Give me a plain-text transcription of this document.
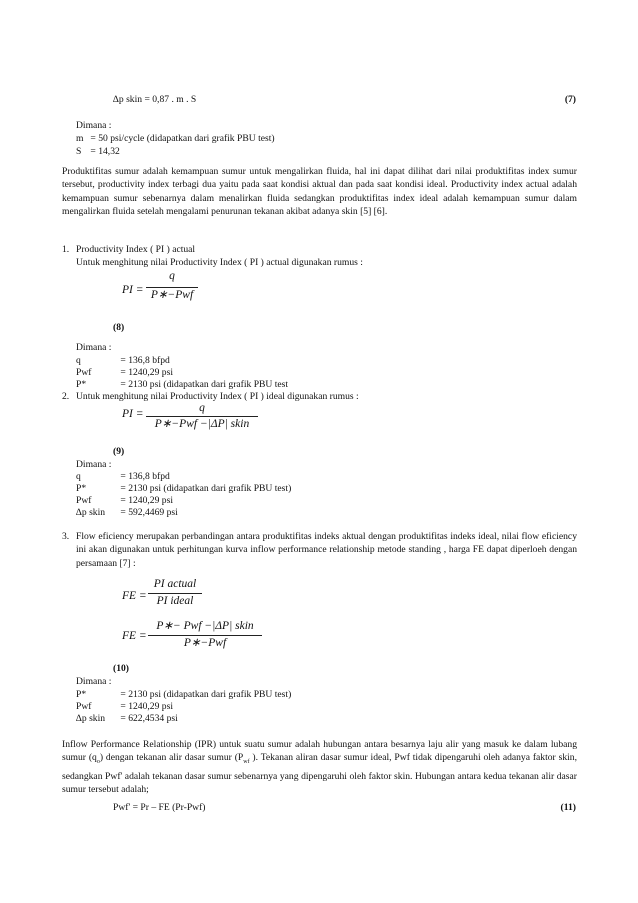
∆p skin = 0,87 . m . S	(7)
Dimana :
m = 50 psi/cycle (didapatkan dari grafik PBU test)
S = 14,32
Produktifitas sumur adalah kemampuan sumur untuk mengalirkan fluida, hal ini dapat dilihat dari nilai produktifitas index sumur tersebut, productivity index terbagi dua yaitu pada saat kondisi aktual dan pada saat kondisi ideal. Productivity index actual adalah kemampuan sumur sebenarnya dalam menalirkan fluida sedangkan produktifitas index ideal adalah kemampuan sumur dalam mengalirkan fluida setelah mengalami penurunan tekanan akibat adanya skin [5] [6].
1. Productivity Index ( PI ) actual
Untuk menghitung nilai Productivity Index ( PI ) actual digunakan rumus :
PI =
q
P∗−Pwf
(8)
Dimana :
q	= 136,8 bfpd
Pwf	= 1240,29 psi
P*	= 2130 psi (didapatkan dari grafik PBU test
2. Untuk menghitung nilai Productivity Index ( PI ) ideal digunakan rumus :
PI =	q
P∗−Pwf −|ΔP| skin
(9)
Dimana :
q	= 136,8 bfpd
P*	= 2130 psi (didapatkan dari grafik PBU test)
Pwf	= 1240,29 psi
∆p skin = 592,4469 psi
3. Flow eficiency merupakan perbandingan antara produktifitas indeks aktual dengan produktifitas indeks ideal, nilai flow eficiency ini akan digunakan untuk perhitungan kurva inflow performance relationship metode standing , harga FE dapat diperloeh dengan persamaan [7] :
FE =
PI actual
PI ideal
FE =
P∗− Pwf −|ΔP| skin
P∗−Pwf
(10)
Dimana :
P*	= 2130 psi (didapatkan dari grafik PBU test)
Pwf	= 1240,29 psi
∆p skin = 622,4534 psi
Inflow Performance Relationship (IPR) untuk suatu sumur adalah hubungan antara besarnya laju alir yang masuk ke dalam lubang sumur $(q_o)$ dengan tekanan alir dasar sumur ($P_{wf}$ ). Tekanan aliran dasar sumur ideal, Pwf tidak dipengaruhi oleh adanya faktor skin, sedangkan Pwf' adalah tekanan dasar sumur sebenarnya yang dipengaruhi oleh faktor skin. Hubungan antara kedua tekanan alir dasar sumur tersebut adalah;
Pwf' = Pr – FE (Pr-Pwf)	(11)
